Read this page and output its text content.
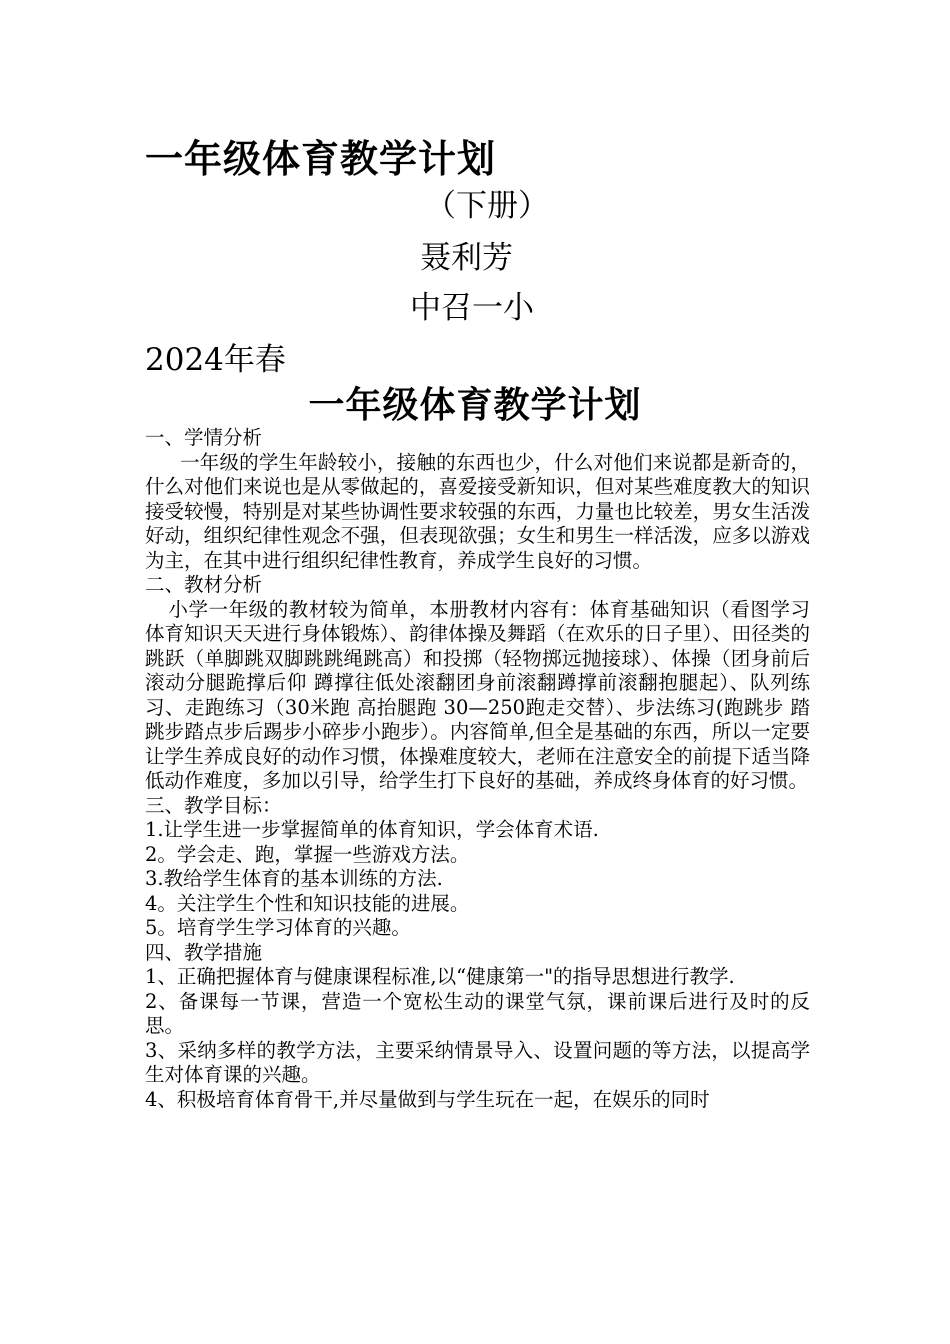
一年级体育教学计划
（下册）
聂利芳
中召一小
2024年春
一年级体育教学计划

一、学情分析

一年级的学生年龄较小，接触的东西也少，什么对他们来说都是新奇的，什么对他们来说也是从零做起的，喜爱接受新知识，但对某些难度教大的知识接受较慢，特别是对某些协调性要求较强的东西，力量也比较差，男女生活泼好动，组织纪律性观念不强，但表现欲强；女生和男生一样活泼，应多以游戏为主，在其中进行组织纪律性教育，养成学生良好的习惯。

二、教材分析

小学一年级的教材较为简单，本册教材内容有：体育基础知识（看图学习体育知识天天进行身体锻炼）、韵律体操及舞蹈（在欢乐的日子里）、田径类的跳跃（单脚跳双脚跳跳绳跳高）和投掷（轻物掷远抛接球）、体操（团身前后滚动分腿跪撑后仰 蹲撑往低处滚翻团身前滚翻蹲撑前滚翻抱腿起）、队列练习、走跑练习（30米跑 高抬腿跑 30—250跑走交替）、步法练习(跑跳步 踏跳步踏点步后踢步小碎步小跑步）。内容简单,但全是基础的东西，所以一定要让学生养成良好的动作习惯，体操难度较大，老师在注意安全的前提下适当降低动作难度，多加以引导，给学生打下良好的基础，养成终身体育的好习惯。

三、教学目标：

1.让学生进一步掌握简单的体育知识，学会体育术语.

2。学会走、跑，掌握一些游戏方法。

3.教给学生体育的基本训练的方法.

4。关注学生个性和知识技能的进展。

5。培育学生学习体育的兴趣。

四、教学措施

1、正确把握体育与健康课程标准,以“健康第一"的指导思想进行教学.

2、备课每一节课，营造一个宽松生动的课堂气氛，课前课后进行及时的反思。

3、采纳多样的教学方法，主要采纳情景导入、设置问题的等方法，以提高学生对体育课的兴趣。

4、积极培育体育骨干,并尽量做到与学生玩在一起，在娱乐的同时
